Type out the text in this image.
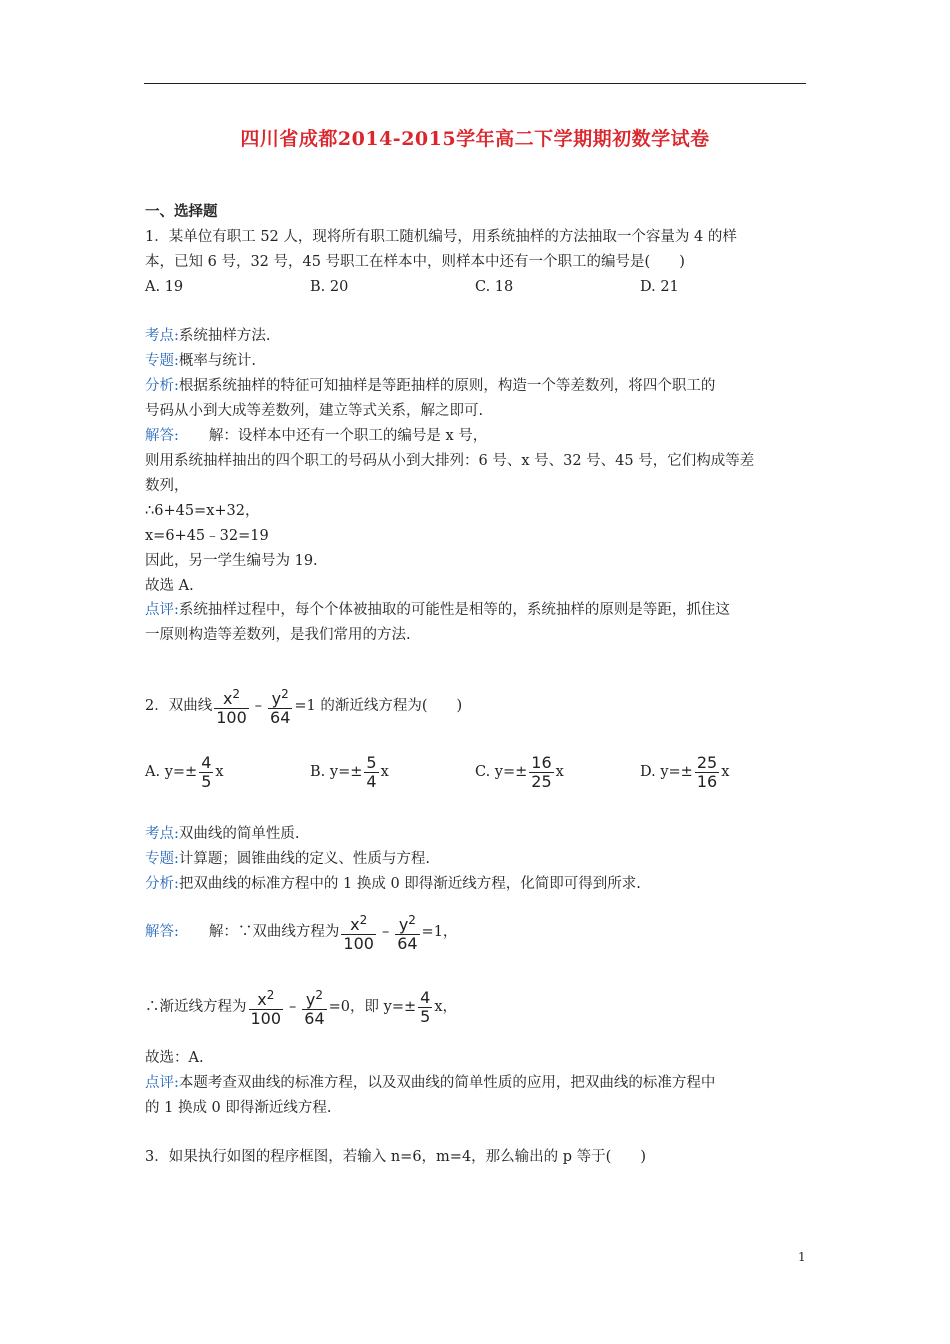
四川省成都2014-2015学年高二下学期期初数学试卷
一、选择题
1．某单位有职工 52 人，现将所有职工随机编号，用系统抽样的方法抽取一个容量为 4 的样
本，已知 6 号，32 号，45 号职工在样本中，则样本中还有一个职工的编号是(　　)
A. 19	B. 20	C. 18	D. 21
考点:系统抽样方法.
专题:概率与统计.
分析:根据系统抽样的特征可知抽样是等距抽样的原则，构造一个等差数列，将四个职工的
号码从小到大成等差数列，建立等式关系，解之即可.
解答: 解：设样本中还有一个职工的编号是 x 号，
则用系统抽样抽出的四个职工的号码从小到大排列：6 号、x 号、32 号、45 号，它们构成等差
数列，
∴6+45=x+32，
x=6+45﹣32=19
因此，另一学生编号为 19.
故选 A.
点评:系统抽样过程中，每个个体被抽取的可能性是相等的，系统抽样的原则是等距，抓住这
一原则构造等差数列，是我们常用的方法.
2．双曲线 $\frac{x^2}{100} - \frac{y^2}{64} =1$ 的渐近线方程为(　　)
A. $y=\pm \frac{4}{5}$ x	B. $y=\pm \frac{5}{4}$ x	C. $y=\pm \frac{16}{25}$ x	D. $y=\pm \frac{25}{16}$ x
考点:双曲线的简单性质.
专题:计算题；圆锥曲线的定义、性质与方程.
分析:把双曲线的标准方程中的 1 换成 0 即得渐近线方程，化简即可得到所求.
解答: 解：∵双曲线方程为 $\frac{x^2}{100} - \frac{y^2}{64} =1$，
∴渐近线方程为 $\frac{x^2}{100} - \frac{y^2}{64} =0$，即 $y=\pm \frac{4}{5}$ x，
故选：A.
点评:本题考查双曲线的标准方程，以及双曲线的简单性质的应用，把双曲线的标准方程中
的 1 换成 0 即得渐近线方程.
3．如果执行如图的程序框图，若输入 n=6，m=4，那么输出的 p 等于(　　)
1
